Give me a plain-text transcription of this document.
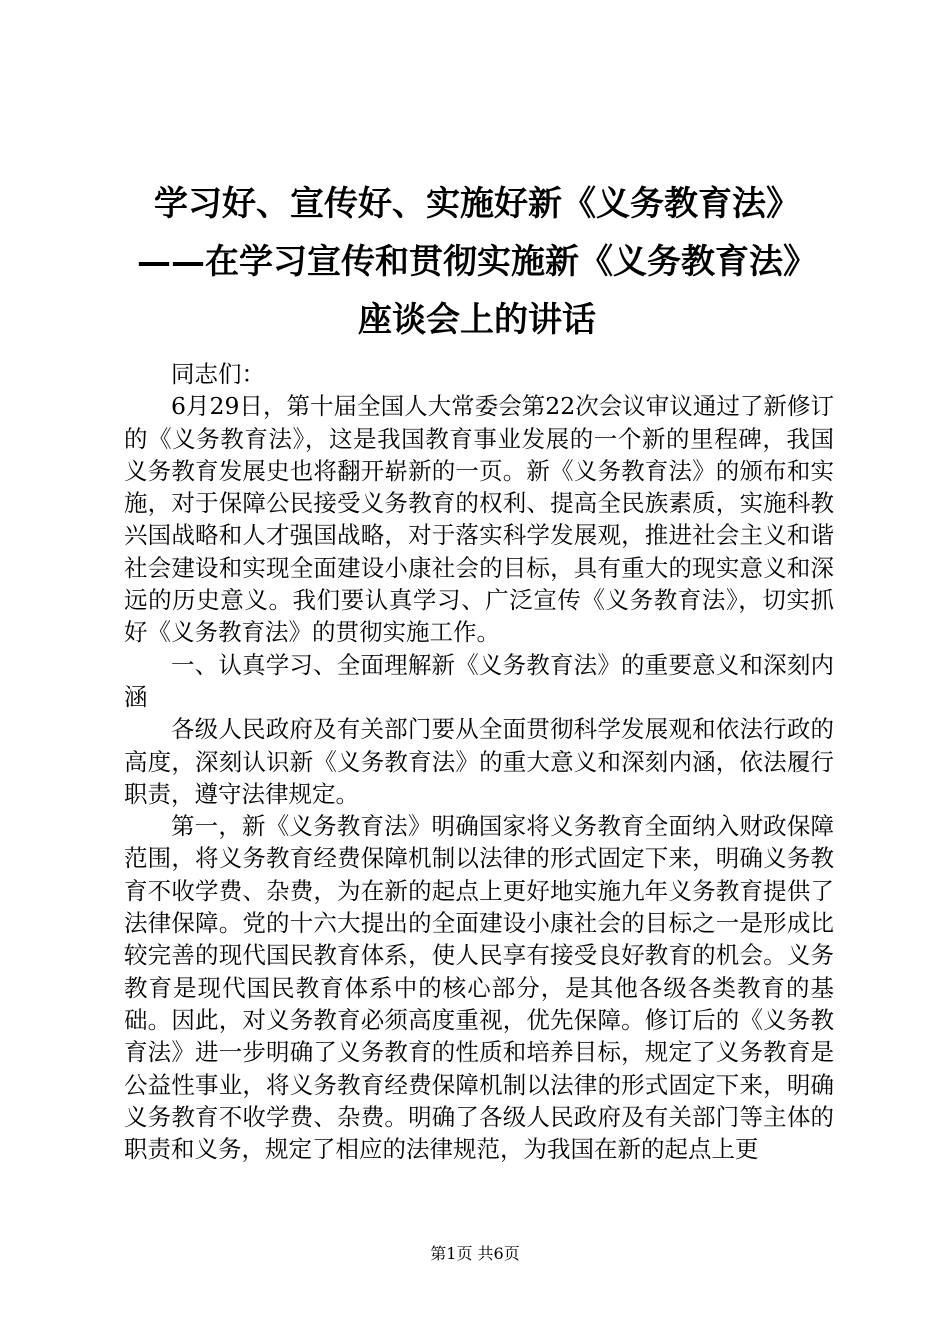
学习好、宣传好、实施好新《义务教育法》——在学习宣传和贯彻实施新《义务教育法》座谈会上的讲话

同志们：

6月29日，第十届全国人大常委会第22次会议审议通过了新修订的《义务教育法》，这是我国教育事业发展的一个新的里程碑，我国义务教育发展史也将翻开崭新的一页。新《义务教育法》的颁布和实施，对于保障公民接受义务教育的权利、提高全民族素质，实施科教兴国战略和人才强国战略，对于落实科学发展观，推进社会主义和谐社会建设和实现全面建设小康社会的目标，具有重大的现实意义和深远的历史意义。我们要认真学习、广泛宣传《义务教育法》，切实抓好《义务教育法》的贯彻实施工作。

一、认真学习、全面理解新《义务教育法》的重要意义和深刻内涵

各级人民政府及有关部门要从全面贯彻科学发展观和依法行政的高度，深刻认识新《义务教育法》的重大意义和深刻内涵，依法履行职责，遵守法律规定。

第一，新《义务教育法》明确国家将义务教育全面纳入财政保障范围，将义务教育经费保障机制以法律的形式固定下来，明确义务教育不收学费、杂费，为在新的起点上更好地实施九年义务教育提供了法律保障。党的十六大提出的全面建设小康社会的目标之一是形成比较完善的现代国民教育体系，使人民享有接受良好教育的机会。义务教育是现代国民教育体系中的核心部分，是其他各级各类教育的基础。因此，对义务教育必须高度重视，优先保障。修订后的《义务教育法》进一步明确了义务教育的性质和培养目标，规定了义务教育是公益性事业，将义务教育经费保障机制以法律的形式固定下来，明确义务教育不收学费、杂费。明确了各级人民政府及有关部门等主体的职责和义务，规定了相应的法律规范，为我国在新的起点上更

第1页 共6页
